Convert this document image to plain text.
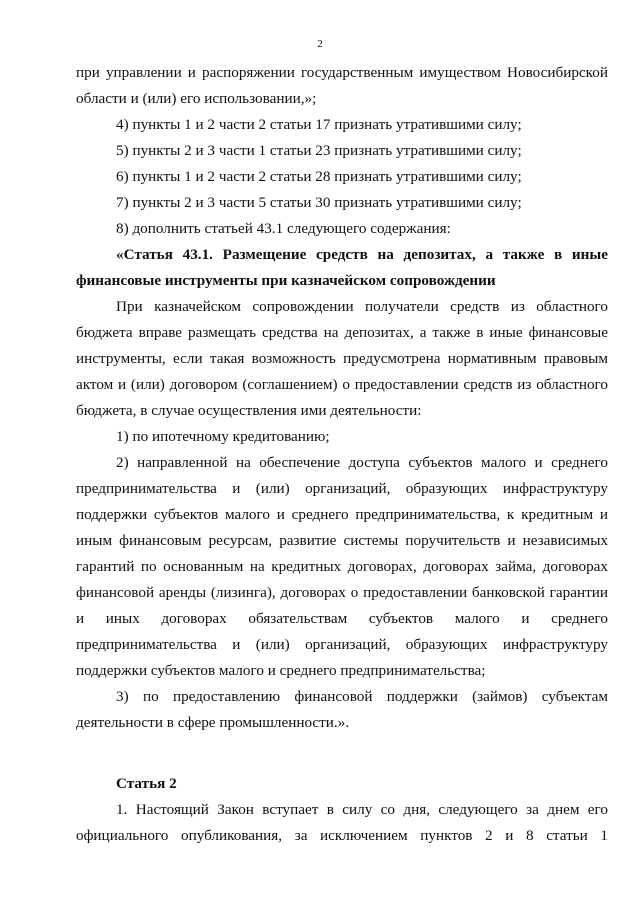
2

при управлении и распоряжении государственным имуществом Новосибирской области и (или) его использовании,»;

4) пункты 1 и 2 части 2 статьи 17 признать утратившими силу;

5) пункты 2 и 3 части 1 статьи 23 признать утратившими силу;

6) пункты 1 и 2 части 2 статьи 28 признать утратившими силу;

7) пункты 2 и 3 части 5 статьи 30 признать утратившими силу;

8) дополнить статьей 43.1 следующего содержания:

«Статья 43.1. Размещение средств на депозитах, а также в иные финансовые инструменты при казначейском сопровождении

При казначейском сопровождении получатели средств из областного бюджета вправе размещать средства на депозитах, а также в иные финансовые инструменты, если такая возможность предусмотрена нормативным правовым актом и (или) договором (соглашением) о предоставлении средств из областного бюджета, в случае осуществления ими деятельности:

1) по ипотечному кредитованию;

2) направленной на обеспечение доступа субъектов малого и среднего предпринимательства и (или) организаций, образующих инфраструктуру поддержки субъектов малого и среднего предпринимательства, к кредитным и иным финансовым ресурсам, развитие системы поручительств и независимых гарантий по основанным на кредитных договорах, договорах займа, договорах финансовой аренды (лизинга), договорах о предоставлении банковской гарантии и иных договорах обязательствам субъектов малого и среднего предпринимательства и (или) организаций, образующих инфраструктуру поддержки субъектов малого и среднего предпринимательства;

3) по предоставлению финансовой поддержки (займов) субъектам деятельности в сфере промышленности.».

Статья 2

1. Настоящий Закон вступает в силу со дня, следующего за днем его официального опубликования, за исключением пунктов 2 и 8 статьи 1
